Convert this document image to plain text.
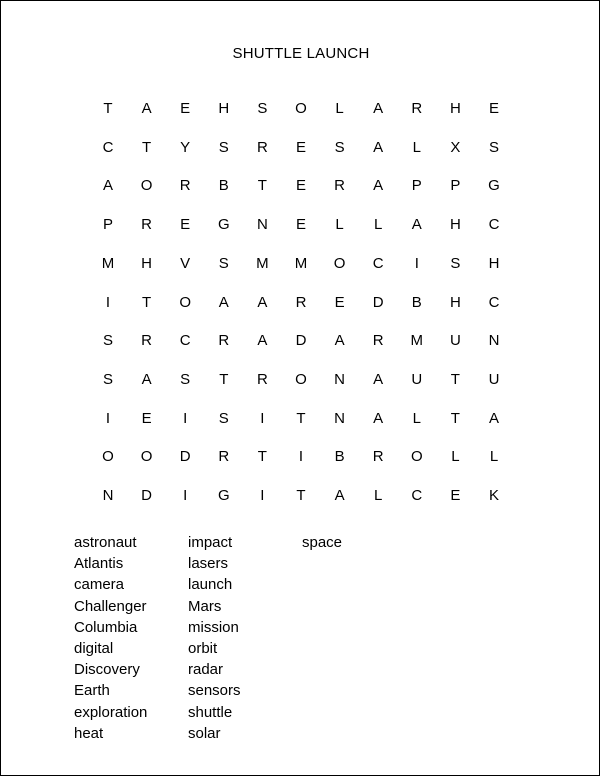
SHUTTLE LAUNCH
T	A	E	H	S	O	L	A	R	H	E
C	T	Y	S	R	E	S	A	L	X	S
A	O	R	B	T	E	R	A	P	P	G
P	R	E	G	N	E	L	L	A	H	C
M	H	V	S	M	M	O	C	I	S	H
I	T	O	A	A	R	E	D	B	H	C
S	R	C	R	A	D	A	R	M	U	N
S	A	S	T	R	O	N	A	U	T	U
I	E	I	S	I	T	N	A	L	T	A
O	O	D	R	T	I	B	R	O	L	L
N	D	I	G	I	T	A	L	C	E	K
astronaut
Atlantis
camera
Challenger
Columbia
digital
Discovery
Earth
exploration
heat
impact
lasers
launch
Mars
mission
orbit
radar
sensors
shuttle
solar
space
